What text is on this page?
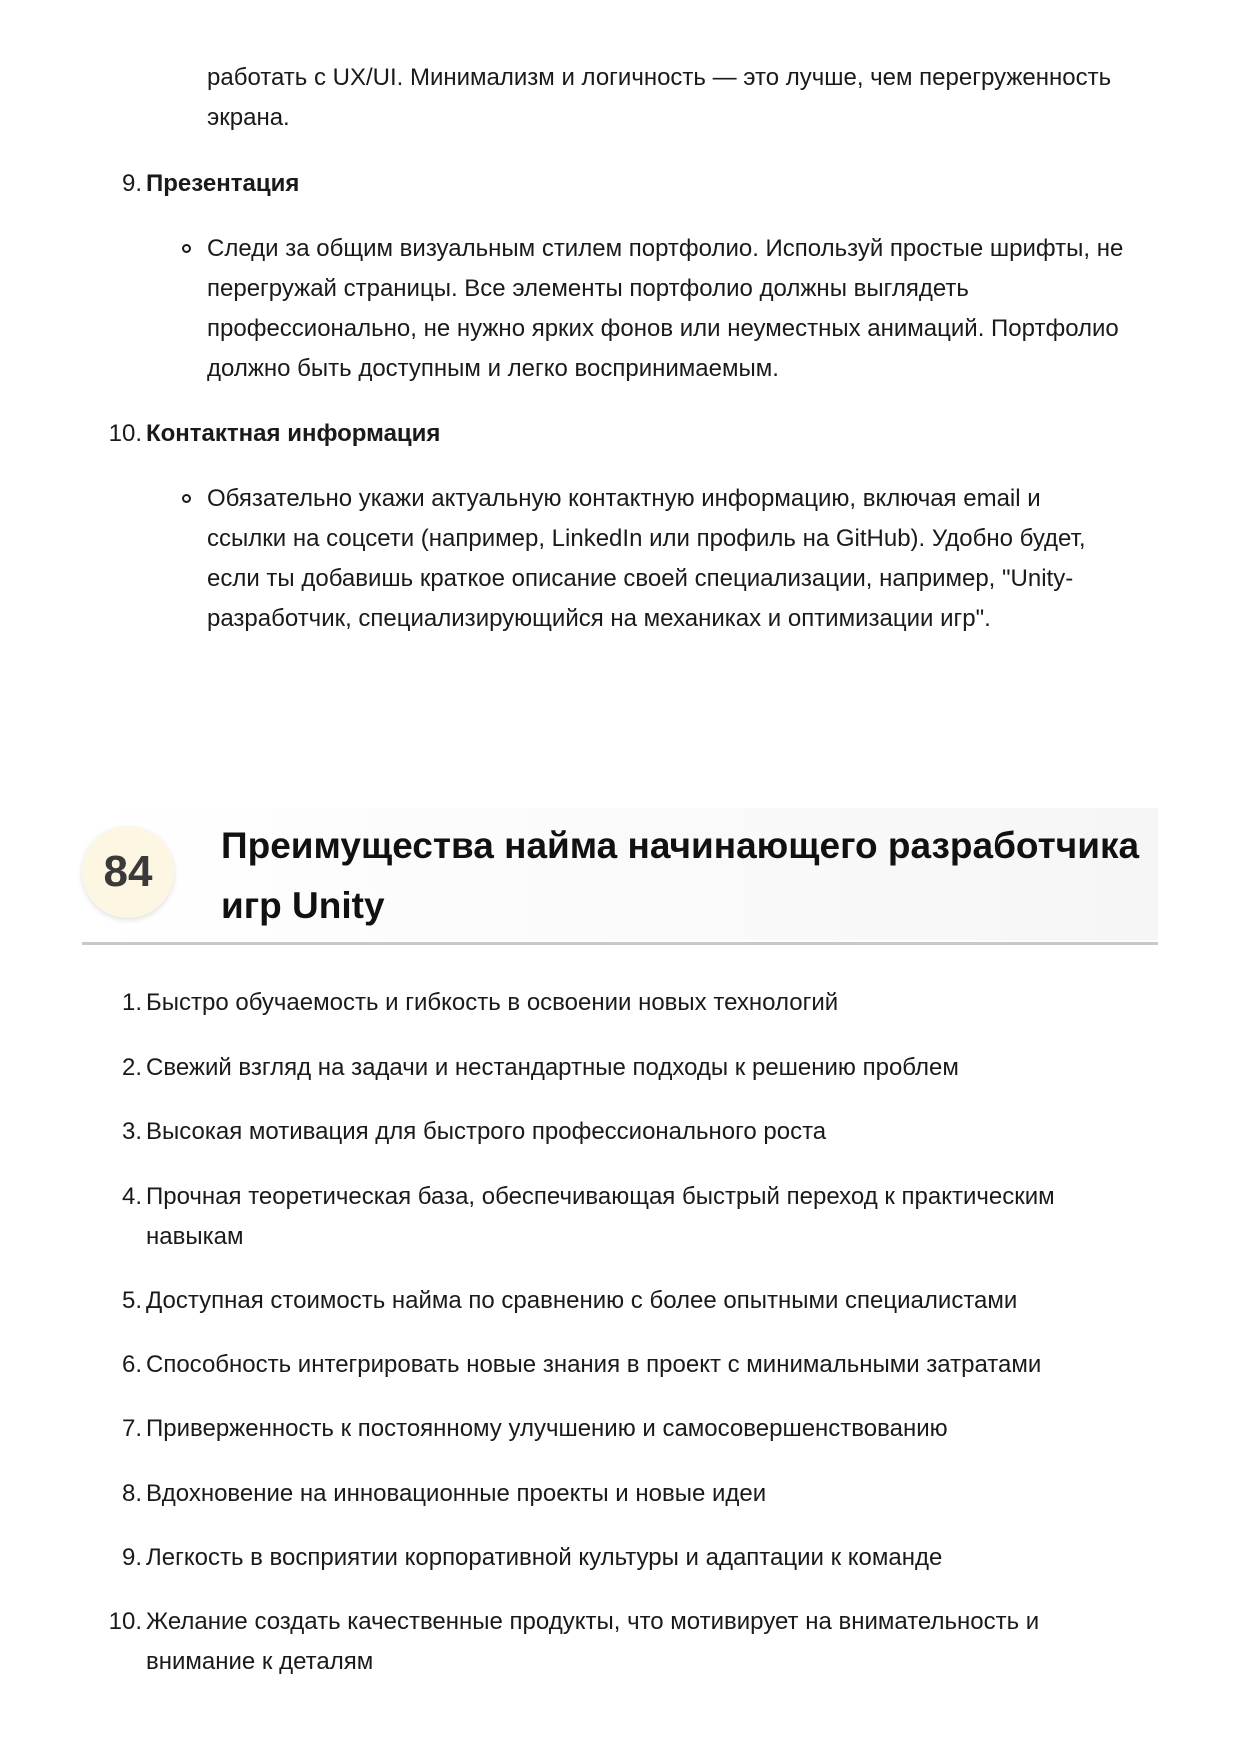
работать с UX/UI. Минимализм и логичность — это лучше, чем перегруженность

экрана.

9. Презентация

Следи за общим визуальным стилем портфолио. Используй простые шрифты, не

перегружай страницы. Все элементы портфолио должны выглядеть

профессионально, не нужно ярких фонов или неуместных анимаций. Портфолио

должно быть доступным и легко воспринимаемым.

10. Контактная информация

Обязательно укажи актуальную контактную информацию, включая email и

ссылки на соцсети (например, LinkedIn или профиль на GitHub). Удобно будет,

если ты добавишь краткое описание своей специализации, например, "Unity-

разработчик, специализирующийся на механиках и оптимизации игр".

84
Преимущества найма начинающего разработчика
игр Unity
1. Быстро обучаемость и гибкость в освоении новых технологий

2. Свежий взгляд на задачи и нестандартные подходы к решению проблем

3. Высокая мотивация для быстрого профессионального роста

4. Прочная теоретическая база, обеспечивающая быстрый переход к практическим

навыкам

5. Доступная стоимость найма по сравнению с более опытными специалистами

6. Способность интегрировать новые знания в проект с минимальными затратами

7. Приверженность к постоянному улучшению и самосовершенствованию

8. Вдохновение на инновационные проекты и новые идеи

9. Легкость в восприятии корпоративной культуры и адаптации к команде

10. Желание создать качественные продукты, что мотивирует на внимательность и

внимание к деталям
